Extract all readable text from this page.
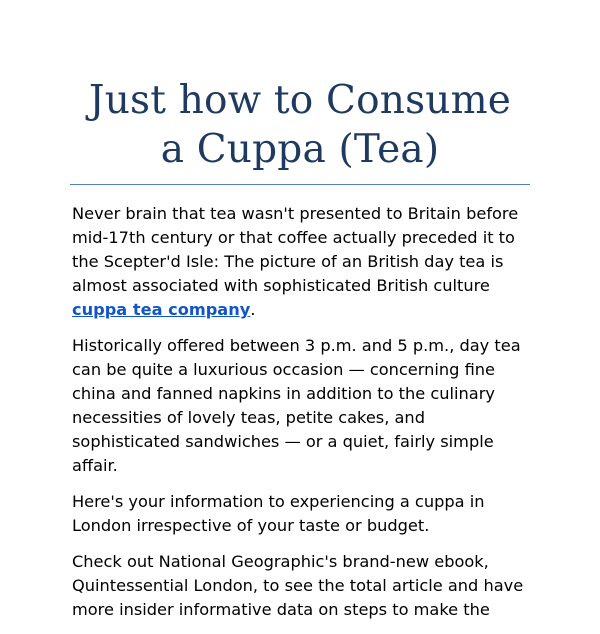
Just how to Consume
a Cuppa (Tea)

Never brain that tea wasn't presented to Britain before mid-17th century or that coffee actually preceded it to the Scepter'd Isle: The picture of an British day tea is almost associated with sophisticated British culture cuppa tea company.

Historically offered between 3 p.m. and 5 p.m., day tea can be quite a luxurious occasion — concerning fine china and fanned napkins in addition to the culinary necessities of lovely teas, petite cakes, and sophisticated sandwiches — or a quiet, fairly simple affair.

Here's your information to experiencing a cuppa in London irrespective of your taste or budget.

Check out National Geographic's brand-new ebook, Quintessential London, to see the total article and have more insider informative data on steps to make the
